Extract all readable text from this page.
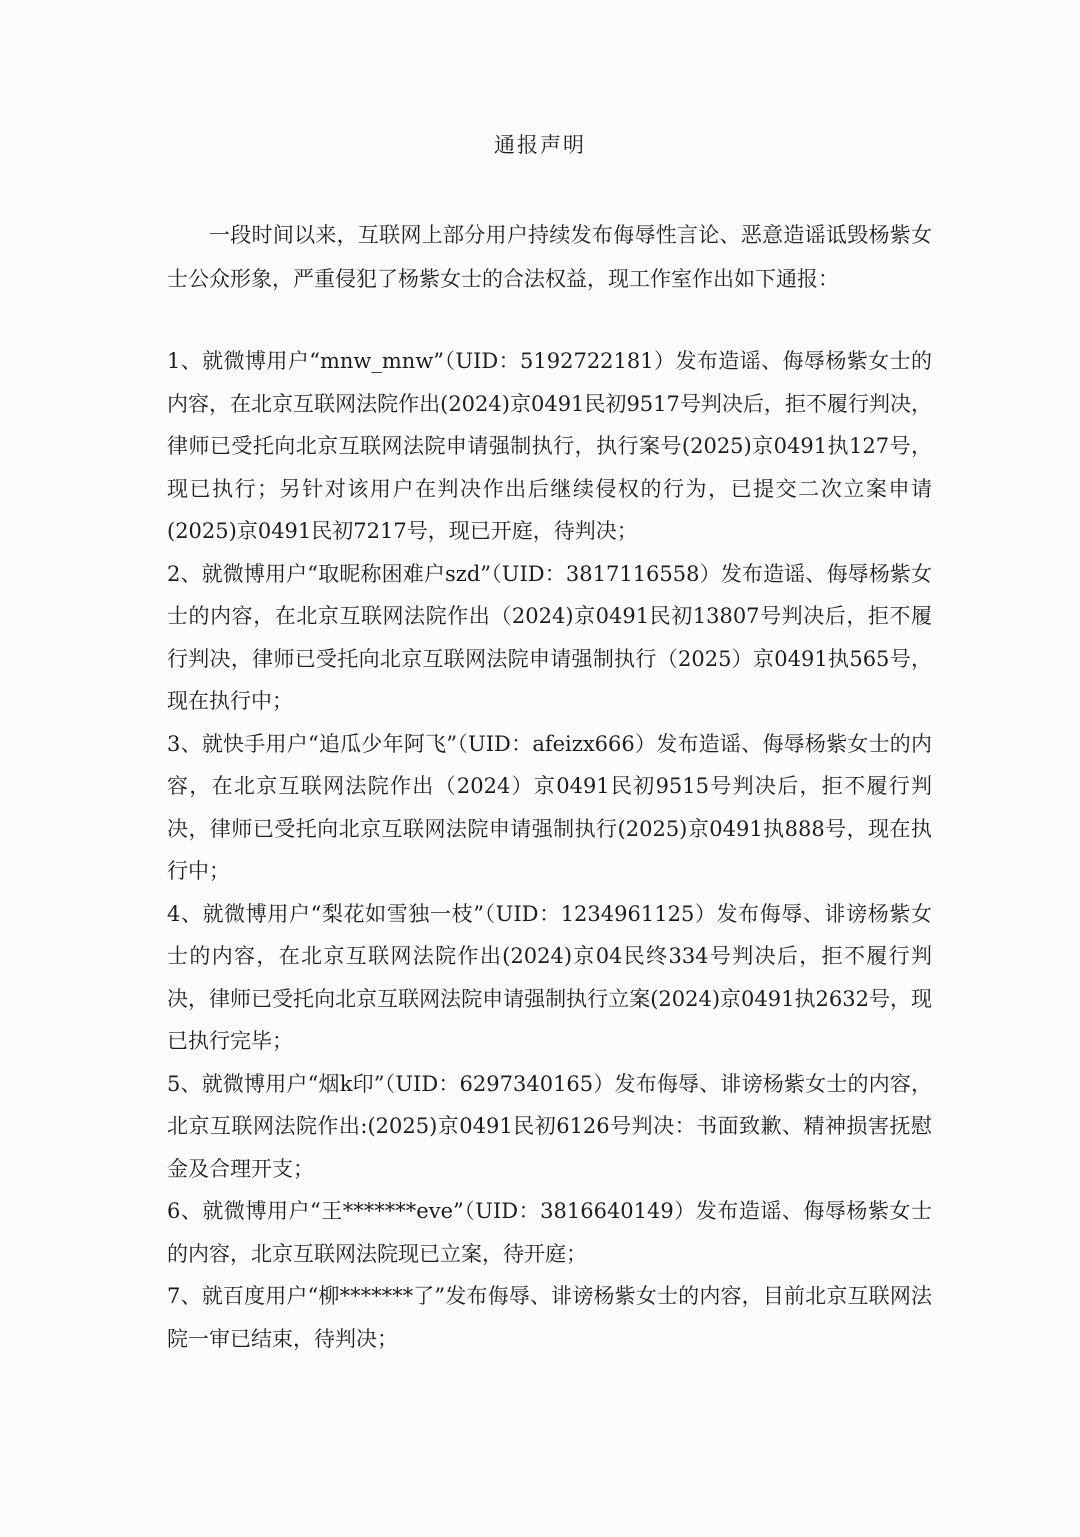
通报声明

一段时间以来，互联网上部分用户持续发布侮辱性言论、恶意造谣诋毁杨紫女士公众形象，严重侵犯了杨紫女士的合法权益，现工作室作出如下通报：

1、就微博用户“mnw_mnw”（UID：5192722181）发布造谣、侮辱杨紫女士的内容，在北京互联网法院作出(2024)京0491民初9517号判决后，拒不履行判决，律师已受托向北京互联网法院申请强制执行，执行案号(2025)京0491执127号，现已执行；另针对该用户在判决作出后继续侵权的行为，已提交二次立案申请(2025)京0491民初7217号，现已开庭，待判决；
2、就微博用户“取昵称困难户szd”（UID：3817116558）发布造谣、侮辱杨紫女士的内容，在北京互联网法院作出（2024)京0491民初13807号判决后，拒不履行判决，律师已受托向北京互联网法院申请强制执行（2025）京0491执565号，现在执行中；
3、就快手用户“追瓜少年阿飞”（UID：afeizx666）发布造谣、侮辱杨紫女士的内容，在北京互联网法院作出（2024）京0491民初9515号判决后，拒不履行判决，律师已受托向北京互联网法院申请强制执行(2025)京0491执888号，现在执行中；
4、就微博用户“梨花如雪独一枝”（UID：1234961125）发布侮辱、诽谤杨紫女士的内容，在北京互联网法院作出(2024)京04民终334号判决后，拒不履行判决，律师已受托向北京互联网法院申请强制执行立案(2024)京0491执2632号，现已执行完毕；
5、就微博用户“烟k印”（UID：6297340165）发布侮辱、诽谤杨紫女士的内容，北京互联网法院作出:(2025)京0491民初6126号判决：书面致歉、精神损害抚慰金及合理开支；
6、就微博用户“王*******eve”（UID：3816640149）发布造谣、侮辱杨紫女士的内容，北京互联网法院现已立案，待开庭；
7、就百度用户“柳*******了”发布侮辱、诽谤杨紫女士的内容，目前北京互联网法院一审已结束，待判决；
